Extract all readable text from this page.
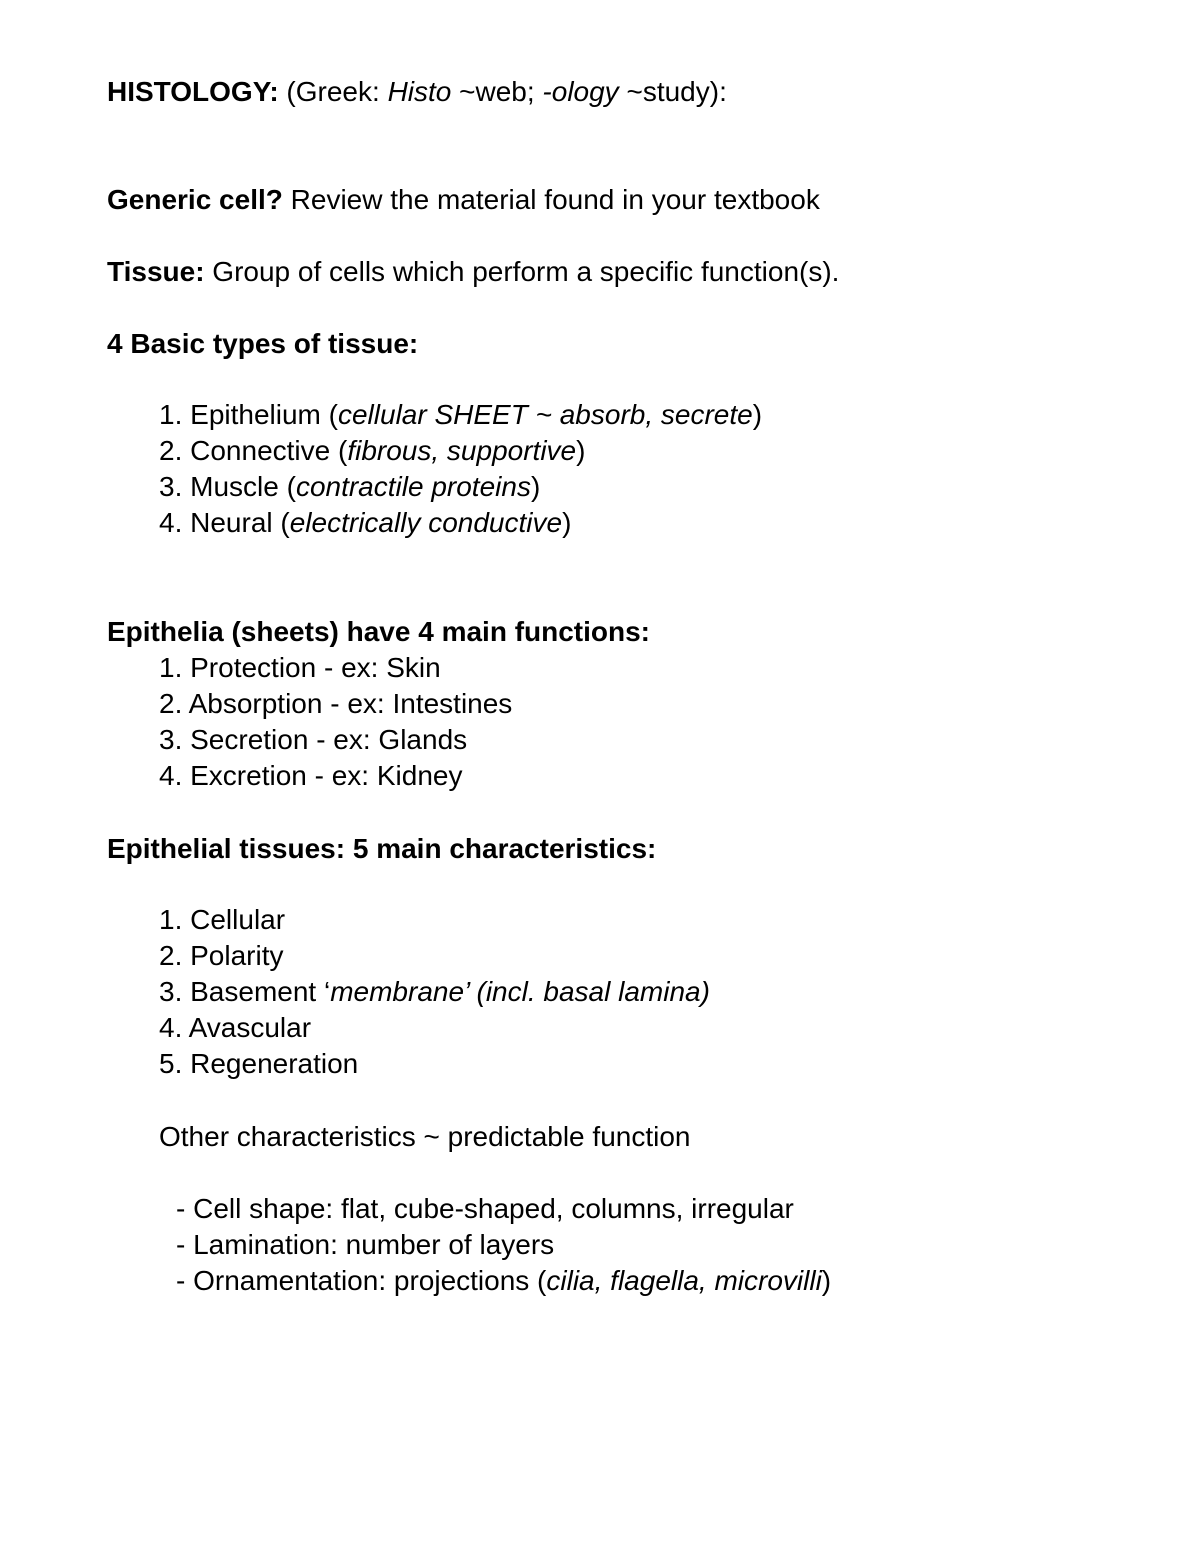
HISTOLOGY: (Greek: Histo ~web; -ology ~study):
Generic cell? Review the material found in your textbook
Tissue: Group of cells which perform a specific function(s).
4 Basic types of tissue:
1. Epithelium (cellular SHEET ~ absorb, secrete)
2. Connective (fibrous, supportive)
3. Muscle (contractile proteins)
4. Neural (electrically conductive)
Epithelia (sheets) have 4 main functions:
1. Protection - ex: Skin
2. Absorption - ex: Intestines
3. Secretion - ex: Glands
4. Excretion - ex: Kidney
Epithelial tissues: 5 main characteristics:
1. Cellular
2. Polarity
3. Basement ‘membrane’ (incl. basal lamina)
4. Avascular
5. Regeneration
Other characteristics ~ predictable function
- Cell shape: flat, cube-shaped, columns, irregular
- Lamination: number of layers
- Ornamentation: projections (cilia, flagella, microvilli)
